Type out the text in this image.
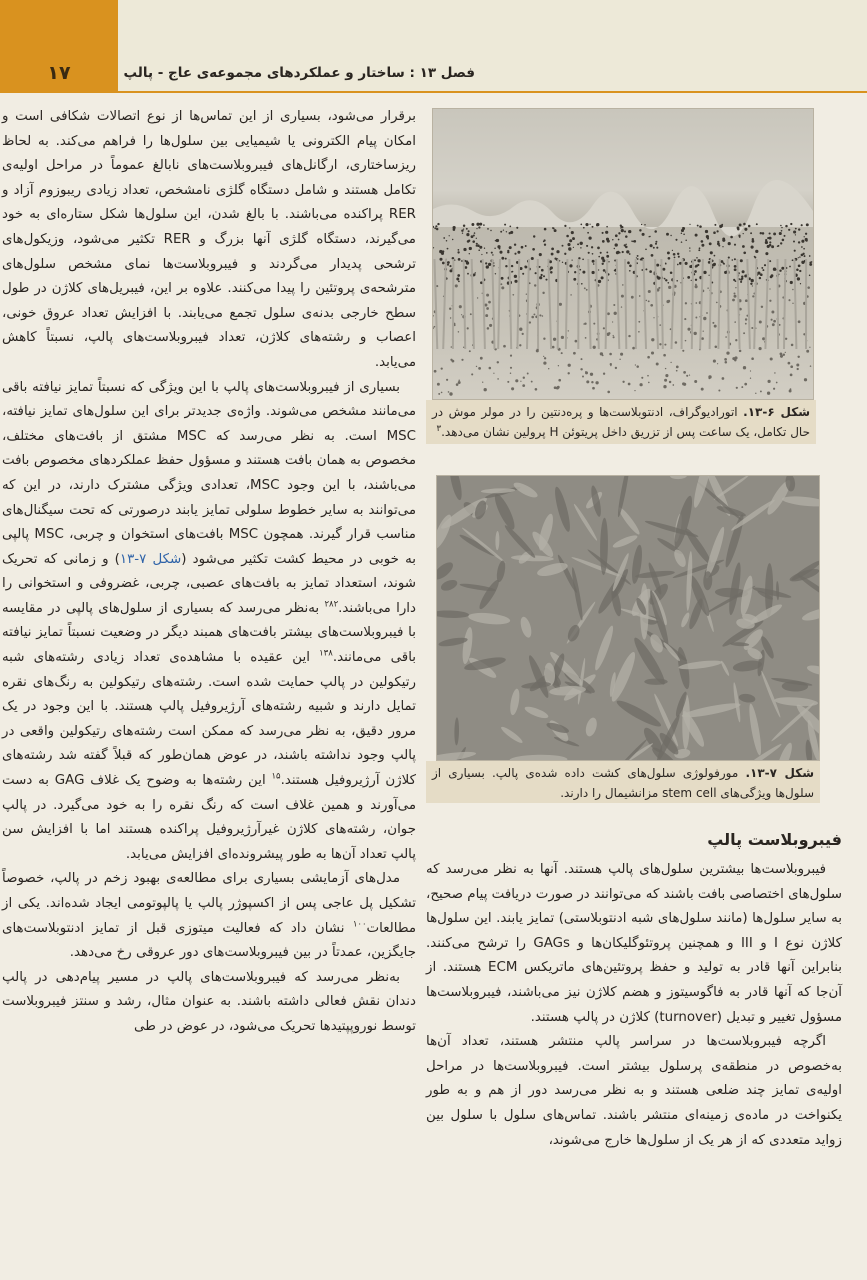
۱۷	فصل ۱۳ : ساختار و عملکردهای مجموعه‌ی عاج - پالپ
شکل ۶-۱۳. اتورادیوگراف، ادنتوبلاست‌ها و پره‌دنتین را در مولر موش در حال تکامل، یک ساعت پس از تزریق داخل پریتوئن H پرولین نشان می‌دهد.$^۳$
شکل ۷-۱۳. مورفولوژی سلول‌های کشت داده شده‌ی پالپ. بسیاری از سلول‌ها ویژگی‌های stem cell مزانشیمال را دارند.

برقرار می‌شود، بسیاری از این تماس‌ها از نوع اتصالات شکافی است و امکان پیام الکترونی یا شیمیایی بین سلول‌ها را فراهم می‌کند. به لحاظ ریزساختاری، ارگانل‌های فیبروبلاست‌های نابالغ عموماً در مراحل اولیه‌ی تکامل هستند و شامل دستگاه گلژی نامشخص، تعداد زیادی ریبوزوم آزاد و RER پراکنده می‌باشند. با بالغ شدن، این سلول‌ها شکل ستاره‌ای به خود می‌گیرند، دستگاه گلژی آنها بزرگ و RER تکثیر می‌شود، وزیکول‌های ترشحی پدیدار می‌گردند و فیبروبلاست‌ها نمای مشخص سلول‌های مترشحه‌ی پروتئین را پیدا می‌کنند. علاوه بر این، فیبریل‌های کلاژن در طول سطح خارجی بدنه‌ی سلول تجمع می‌یابند. با افزایش تعداد عروق خونی، اعصاب و رشته‌های کلاژن، تعداد فیبروبلاست‌های پالپ، نسبتاً کاهش می‌یابد.

بسیاری از فیبروبلاست‌های پالپ با این ویژگی که نسبتاً تمایز نیافته باقی می‌مانند مشخص می‌شوند. واژه‌ی جدیدتر برای این سلول‌های تمایز نیافته، MSC است. به نظر می‌رسد که MSC مشتق از بافت‌های مختلف، مخصوص به همان بافت هستند و مسؤول حفظ عملکردهای مخصوص بافت می‌باشند، با این وجود MSC، تعدادی ویژگی مشترک دارند، در این که می‌توانند به سایر خطوط سلولی تمایز یابند درصورتی که تحت سیگنال‌های مناسب قرار گیرند. همچون MSC بافت‌های استخوان و چربی، MSC پالپی به خوبی در محیط کشت تکثیر می‌شود (شکل ۷-۱۳) و زمانی که تحریک شوند، استعداد تمایز به بافت‌های عصبی، چربی، غضروفی و استخوانی را دارا می‌باشند.$^{۲۸۲}$ به‌نظر می‌رسد که بسیاری از سلول‌های پالپی در مقایسه با فیبروبلاست‌های بیشتر بافت‌های همبند دیگر در وضعیت نسبتاً تمایز نیافته باقی می‌مانند.$^{۱۳۸}$ این عقیده با مشاهده‌ی تعداد زیادی رشته‌های شبه رتیکولین در پالپ حمایت شده است. رشته‌های رتیکولین به رنگ‌های نقره تمایل دارند و شبیه رشته‌های آرژیروفیل پالپ هستند. با این وجود در یک مرور دقیق، به نظر می‌رسد که ممکن است رشته‌های رتیکولین واقعی در پالپ وجود نداشته باشند، در عوض همان‌طور که قبلاً گفته شد رشته‌های کلاژن آرژیروفیل هستند.$^{۱۵}$ این رشته‌ها به وضوح یک غلاف GAG به دست می‌آورند و همین غلاف است که رنگ نقره را به خود می‌گیرد. در پالپ جوان، رشته‌های کلاژن غیرآرژیروفیل پراکنده هستند اما با افزایش سن پالپ تعداد آن‌ها به طور پیشرونده‌ای افزایش می‌یابد.

مدل‌های آزمایشی بسیاری برای مطالعه‌ی بهبود زخم در پالپ، خصوصاً تشکیل پل عاجی پس از اکسپوژر پالپ یا پالپوتومی ایجاد شده‌اند. یکی از مطالعات$^{۱۰۰}$ نشان داد که فعالیت میتوزی قبل از تمایز ادنتوبلاست‌های جایگزین، عمدتاً در بین فیبروبلاست‌های دور عروقی رخ می‌دهد.

به‌نظر می‌رسد که فیبروبلاست‌های پالپ در مسیر پیام‌دهی در پالپ دندان نقش فعالی داشته باشند. به عنوان مثال، رشد و سنتز فیبروبلاست توسط نوروپپتیدها تحریک می‌شود، در عوض در طی

فیبروبلاست پالپ

فیبروبلاست‌ها بیشترین سلول‌های پالپ هستند. آنها به نظر می‌رسد که سلول‌های اختصاصی بافت باشند که می‌توانند در صورت دریافت پیام صحیح، به سایر سلول‌ها (مانند سلول‌های شبه ادنتوبلاستی) تمایز یابند. این سلول‌ها کلاژن نوع I و III و همچنین پروتئوگلیکان‌ها و GAGs را ترشح می‌کنند. بنابراین آنها قادر به تولید و حفظ پروتئین‌های ماتریکس ECM هستند. از آن‌جا که آنها قادر به فاگوسیتوز و هضم کلاژن نیز می‌باشند، فیبروبلاست‌ها مسؤول تغییر و تبدیل (turnover) کلاژن در پالپ هستند.

اگرچه فیبروبلاست‌ها در سراسر پالپ منتشر هستند، تعداد آن‌ها به‌خصوص در منطقه‌ی پرسلول بیشتر است. فیبروبلاست‌ها در مراحل اولیه‌ی تمایز چند ضلعی هستند و به نظر می‌رسد دور از هم و به طور یکنواخت در ماده‌ی زمینه‌ای منتشر باشند. تماس‌های سلول با سلول بین زواید متعددی که از هر یک از سلول‌ها خارج می‌شوند،
